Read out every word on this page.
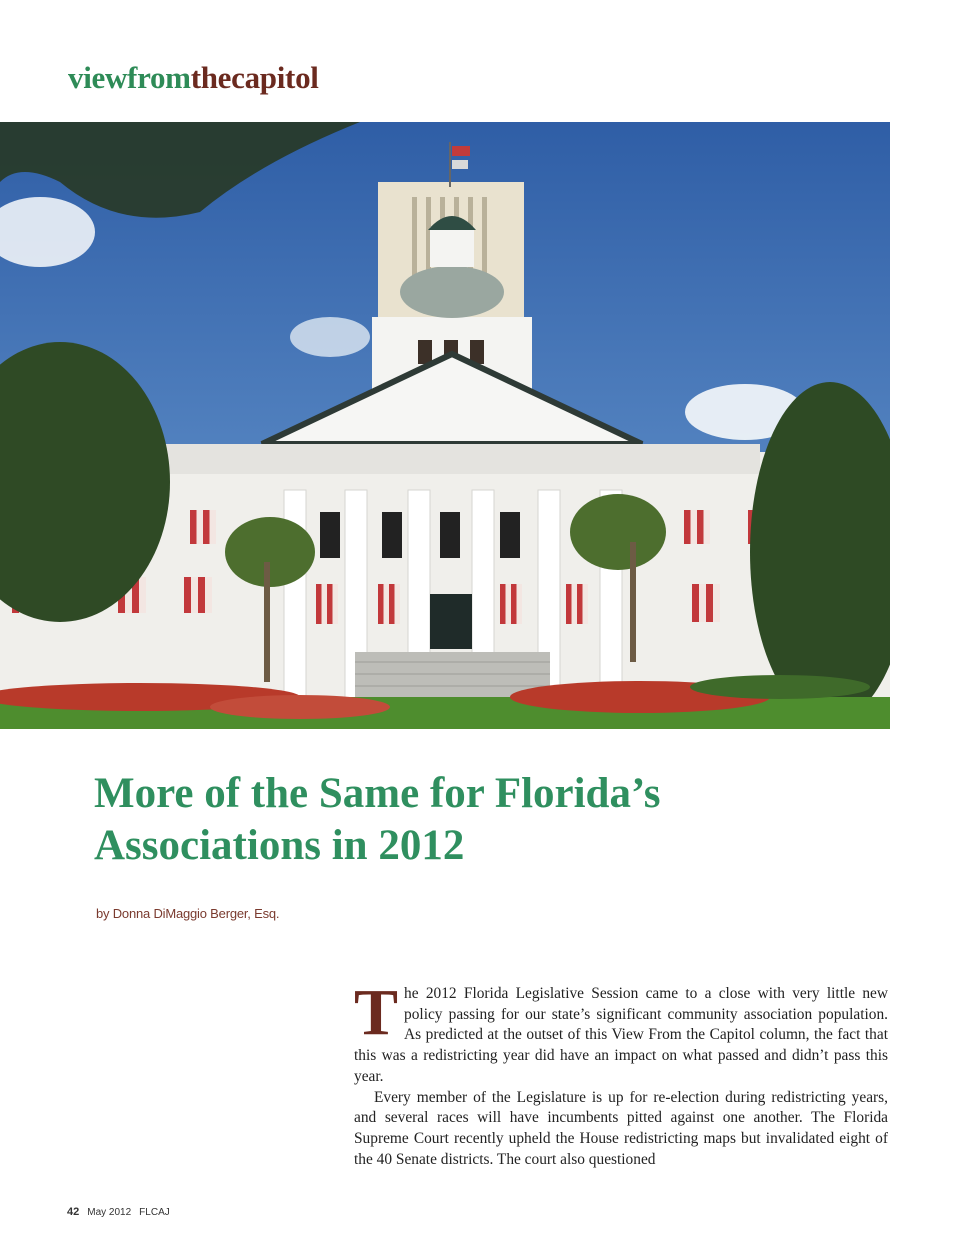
viewfromthecapitol
More of the Same for Florida’s
Associations in 2012
by Donna DiMaggio Berger, Esq.

The 2012 Florida Legislative Session came to a close with very little new policy passing for our state’s significant community association population. As predicted at the outset of this View From the Capitol column, the fact that this was a redistricting year did have an impact on what passed and didn’t pass this year.

Every member of the Legislature is up for re-election during redistricting years, and several races will have incumbents pitted against one another. The Florida Supreme Court recently upheld the House redistricting maps but invalidated eight of the 40 Senate districts. The court also questioned

42 May 2012 FLCAJ
